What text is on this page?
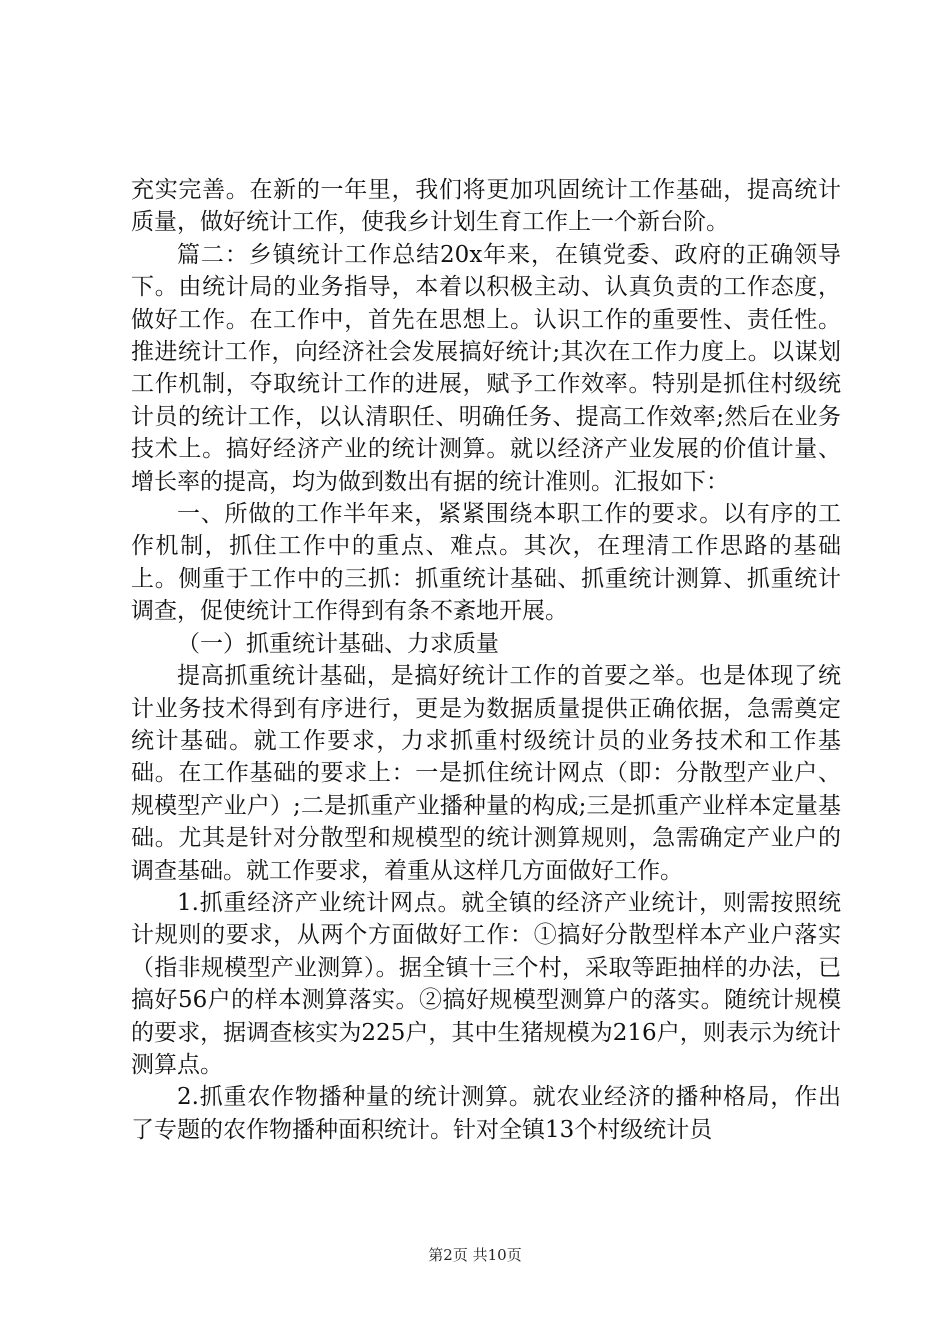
充实完善。在新的一年里，我们将更加巩固统计工作基础，提高统计质量，做好统计工作，使我乡计划生育工作上一个新台阶。

篇二：乡镇统计工作总结20x年来，在镇党委、政府的正确领导下。由统计局的业务指导，本着以积极主动、认真负责的工作态度，做好工作。在工作中，首先在思想上。认识工作的重要性、责任性。推进统计工作，向经济社会发展搞好统计;其次在工作力度上。以谋划工作机制，夺取统计工作的进展，赋予工作效率。特别是抓住村级统计员的统计工作，以认清职任、明确任务、提高工作效率;然后在业务技术上。搞好经济产业的统计测算。就以经济产业发展的价值计量、增长率的提高，均为做到数出有据的统计准则。汇报如下：

一、所做的工作半年来，紧紧围绕本职工作的要求。以有序的工作机制，抓住工作中的重点、难点。其次，在理清工作思路的基础上。侧重于工作中的三抓：抓重统计基础、抓重统计测算、抓重统计调查，促使统计工作得到有条不紊地开展。

（一）抓重统计基础、力求质量

提高抓重统计基础，是搞好统计工作的首要之举。也是体现了统计业务技术得到有序进行，更是为数据质量提供正确依据，急需奠定统计基础。就工作要求，力求抓重村级统计员的业务技术和工作基础。在工作基础的要求上：一是抓住统计网点（即：分散型产业户、规模型产业户）;二是抓重产业播种量的构成;三是抓重产业样本定量基础。尤其是针对分散型和规模型的统计测算规则，急需确定产业户的调查基础。就工作要求，着重从这样几方面做好工作。

1.抓重经济产业统计网点。就全镇的经济产业统计，则需按照统计规则的要求，从两个方面做好工作：①搞好分散型样本产业户落实（指非规模型产业测算）。据全镇十三个村，采取等距抽样的办法，已搞好56户的样本测算落实。②搞好规模型测算户的落实。随统计规模的要求，据调查核实为225户，其中生猪规模为216户，则表示为统计测算点。

2.抓重农作物播种量的统计测算。就农业经济的播种格局，作出了专题的农作物播种面积统计。针对全镇13个村级统计员

第2页 共10页
